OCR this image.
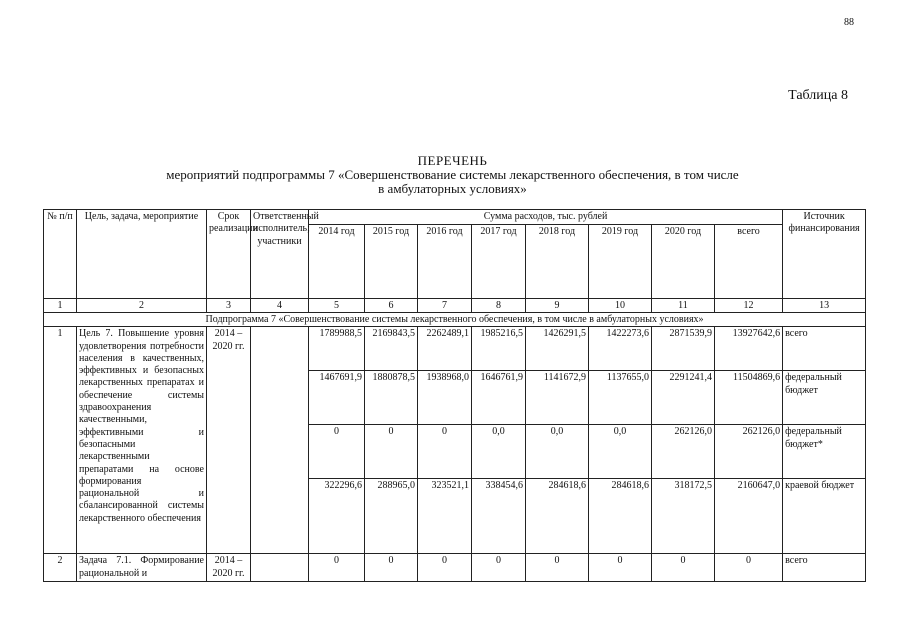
88
Таблица 8
ПЕРЕЧЕНЬ
мероприятий подпрограммы 7 «Совершенствование системы лекарственного обеспечения, в том числе
в амбулаторных условиях»
№ п/п	Цель, задача, мероприятие	Срок реализации	Ответственный исполнитель; участники	Сумма расходов, тыс. рублей								Источник финансирования
				2014 год	2015 год	2016 год	2017 год	2018 год	2019 год	2020 год	всего	
1	2	3	4	5	6	7	8	9	10	11	12	13
Подпрограмма 7 «Совершенствование системы лекарственного обеспечения, в том числе в амбулаторных условиях»												
1	Цель 7. Повышение уровня удовлетворения потребности населения в качественных, эффективных и безопасных лекарственных препаратах и обеспечение системы здравоохранения качественными, эффективными и безопасными лекарственными препаратами на основе формирования рациональной и сбалансированной системы лекарственного обеспечения	2014 – 2020 гг.		1789988,5	2169843,5	2262489,1	1985216,5	1426291,5	1422273,6	2871539,9	13927642,6	всего
				1467691,9	1880878,5	1938968,0	1646761,9	1141672,9	1137655,0	2291241,4	11504869,6	федеральный бюджет
				0	0	0	0,0	0,0	0,0	262126,0	262126,0	федеральный бюджет*
				322296,6	288965,0	323521,1	338454,6	284618,6	284618,6	318172,5	2160647,0	краевой бюджет
2	Задача 7.1. Формирование рациональной и	2014 – 2020 гг.		0	0	0	0	0	0	0	0	всего
